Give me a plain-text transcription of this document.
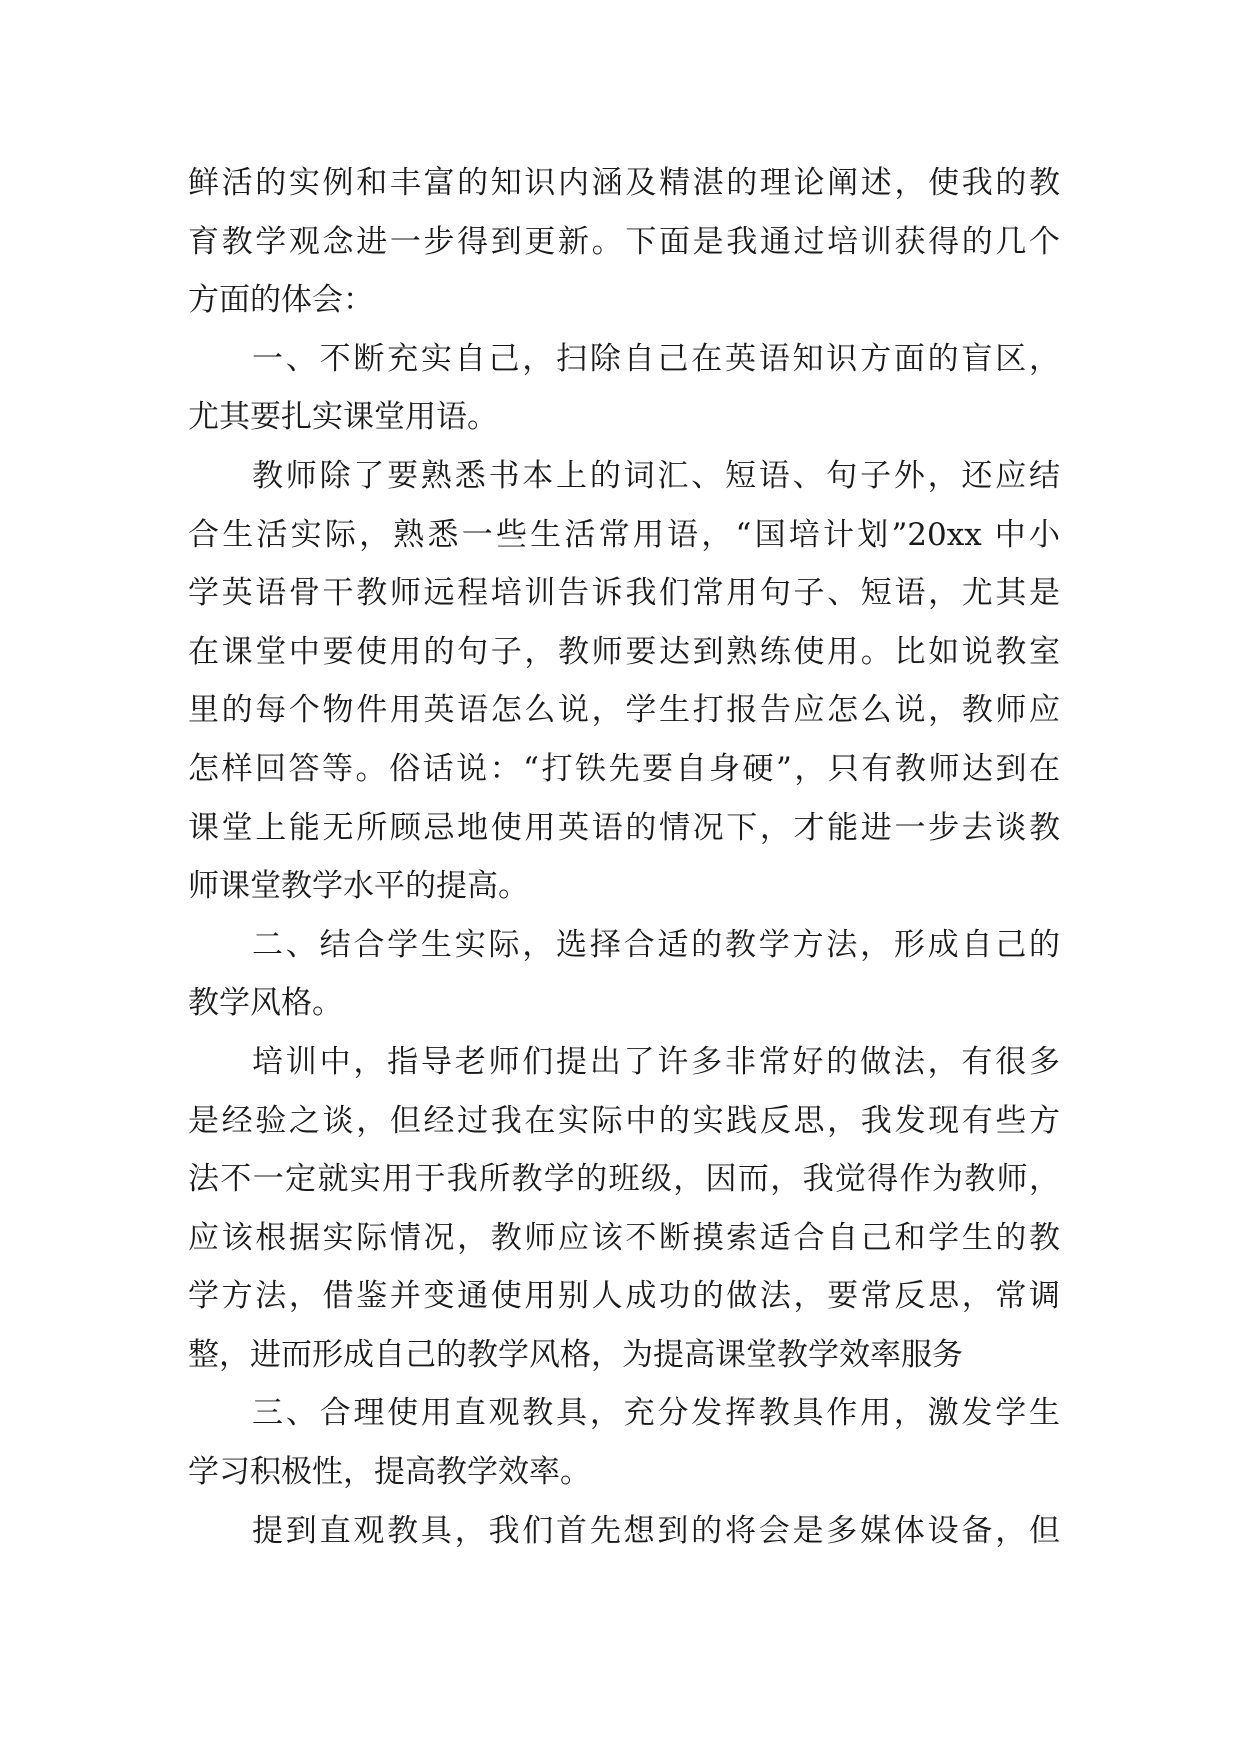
鲜活的实例和丰富的知识内涵及精湛的理论阐述，使我的教
育教学观念进一步得到更新。下面是我通过培训获得的几个
方面的体会：
一、不断充实自己，扫除自己在英语知识方面的盲区，
尤其要扎实课堂用语。
教师除了要熟悉书本上的词汇、短语、句子外，还应结
合生活实际，熟悉一些生活常用语，“国培计划”20xx 中小
学英语骨干教师远程培训告诉我们常用句子、短语，尤其是
在课堂中要使用的句子，教师要达到熟练使用。比如说教室
里的每个物件用英语怎么说，学生打报告应怎么说，教师应
怎样回答等。俗话说：“打铁先要自身硬”，只有教师达到在
课堂上能无所顾忌地使用英语的情况下，才能进一步去谈教
师课堂教学水平的提高。
二、结合学生实际，选择合适的教学方法，形成自己的
教学风格。
培训中，指导老师们提出了许多非常好的做法，有很多
是经验之谈，但经过我在实际中的实践反思，我发现有些方
法不一定就实用于我所教学的班级，因而，我觉得作为教师，
应该根据实际情况，教师应该不断摸索适合自己和学生的教
学方法，借鉴并变通使用别人成功的做法，要常反思，常调
整，进而形成自己的教学风格，为提高课堂教学效率服务
三、合理使用直观教具，充分发挥教具作用，激发学生
学习积极性，提高教学效率。
提到直观教具，我们首先想到的将会是多媒体设备，但
